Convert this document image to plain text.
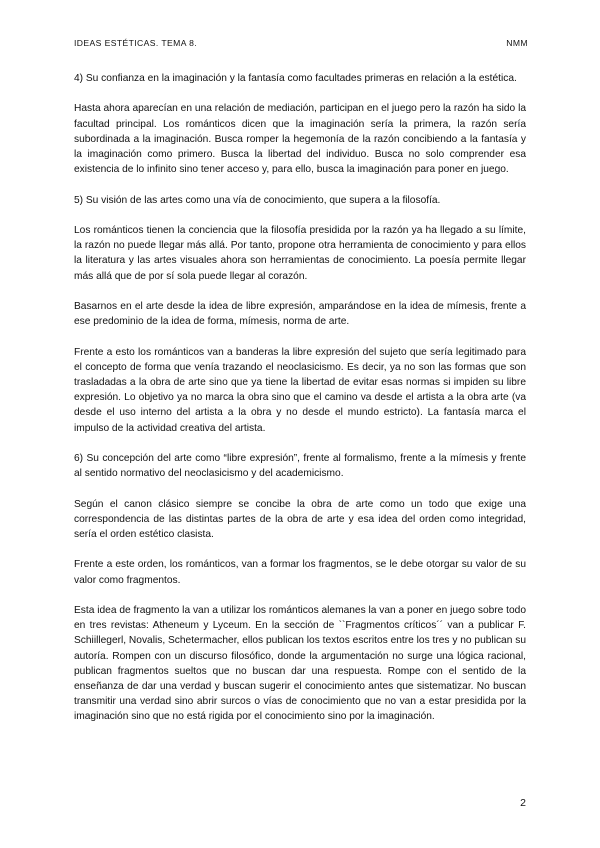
IDEAS ESTÉTICAS. TEMA 8.	NMM

4) Su confianza en la imaginación y la fantasía como facultades primeras en relación a la estética.

Hasta ahora aparecían en una relación de mediación, participan en el juego pero la razón ha sido la facultad principal. Los románticos dicen que la imaginación sería la primera, la razón sería subordinada a la imaginación. Busca romper la hegemonía de la razón concibiendo a la fantasía y la imaginación como primero. Busca la libertad del individuo. Busca no solo comprender esa existencia de lo infinito sino tener acceso y, para ello, busca la imaginación para poner en juego.

5) Su visión de las artes como una vía de conocimiento, que supera a la filosofía.

Los románticos tienen la conciencia que la filosofía presidida por la razón ya ha llegado a su límite, la razón no puede llegar más allá. Por tanto, propone otra herramienta de conocimiento y para ellos la literatura y las artes visuales ahora son herramientas de conocimiento. La poesía permite llegar más allá que de por sí sola puede llegar al corazón.

Basarnos en el arte desde la idea de libre expresión, amparándose en la idea de mímesis, frente a ese predominio de la idea de forma, mímesis, norma de arte.

Frente a esto los románticos van a banderas la libre expresión del sujeto que sería legitimado para el concepto de forma que venía trazando el neoclasicismo. Es decir, ya no son las formas que son trasladadas a la obra de arte sino que ya tiene la libertad de evitar esas normas si impiden su libre expresión. Lo objetivo ya no marca la obra sino que el camino va desde el artista a la obra arte (va desde el uso interno del artista a la obra y no desde el mundo estricto). La fantasía marca el impulso de la actividad creativa del artista.

6) Su concepción del arte como “libre expresión”, frente al formalismo, frente a la mímesis y frente al sentido normativo del neoclasicismo y del academicismo.

Según el canon clásico siempre se concibe la obra de arte como un todo que exige una correspondencia de las distintas partes de la obra de arte y esa idea del orden como integridad, sería el orden estético clasista.

Frente a este orden, los románticos, van a formar los fragmentos, se le debe otorgar su valor de su valor como fragmentos.

Esta idea de fragmento la van a utilizar los románticos alemanes la van a poner en juego sobre todo en tres revistas: Atheneum y Lyceum. En la sección de ``Fragmentos críticos´´ van a publicar F. Schiillegerl, Novalis, Schetermacher, ellos publican los textos escritos entre los tres y no publican su autoría. Rompen con un discurso filosófico, donde la argumentación no surge una lógica racional, publican fragmentos sueltos que no buscan dar una respuesta. Rompe con el sentido de la enseñanza de dar una verdad y buscan sugerir el conocimiento antes que sistematizar. No buscan transmitir una verdad sino abrir surcos o vías de conocimiento que no van a estar presidida por la imaginación sino que no está rigida por el conocimiento sino por la imaginación.

2
